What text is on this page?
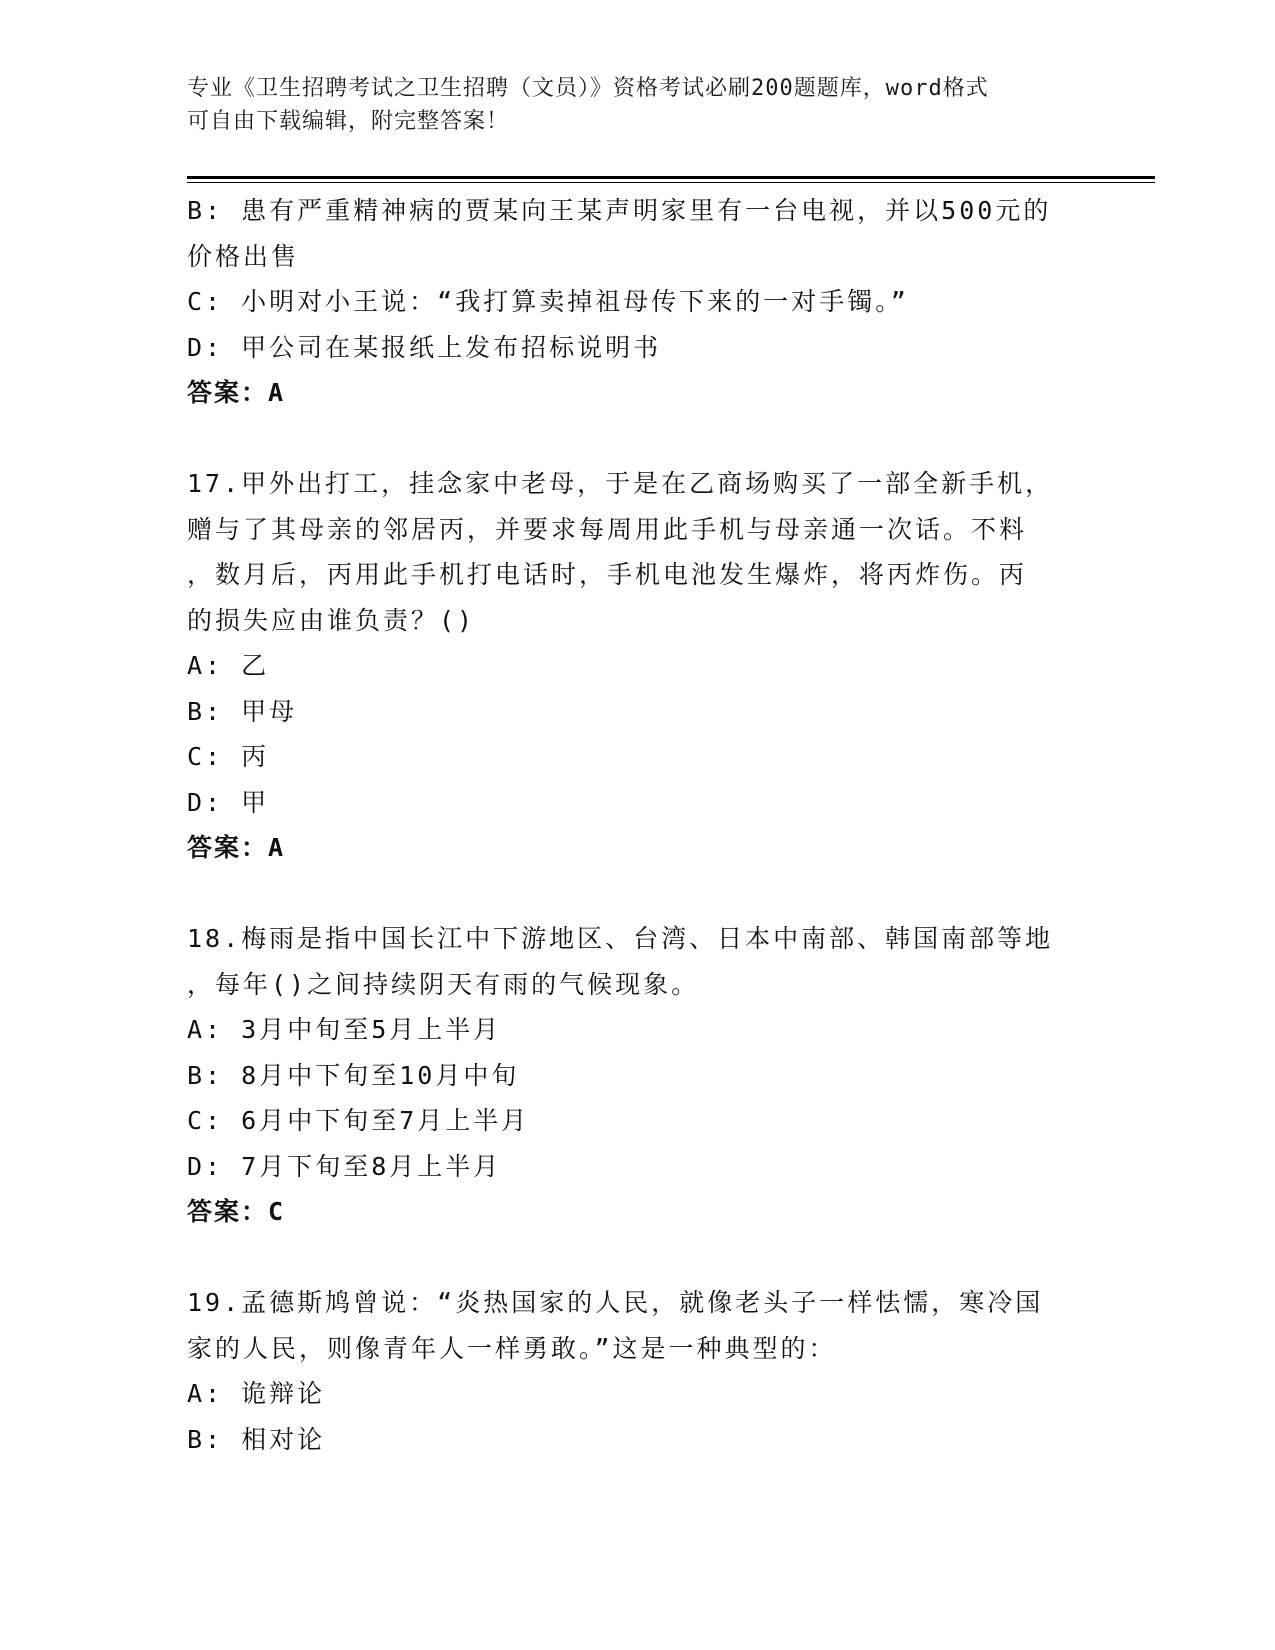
专业《卫生招聘考试之卫生招聘（文员）》资格考试必刷200题题库，word格式
可自由下载编辑，附完整答案！
B: 患有严重精神病的贾某向王某声明家里有一台电视，并以500元的
价格出售
C: 小明对小王说：“我打算卖掉祖母传下来的一对手镯。”
D: 甲公司在某报纸上发布招标说明书
答案：A
17.甲外出打工，挂念家中老母，于是在乙商场购买了一部全新手机，
赠与了其母亲的邻居丙，并要求每周用此手机与母亲通一次话。不料
，数月后，丙用此手机打电话时，手机电池发生爆炸，将丙炸伤。丙
的损失应由谁负责？()
A: 乙
B: 甲母
C: 丙
D: 甲
答案：A
18.梅雨是指中国长江中下游地区、台湾、日本中南部、韩国南部等地
，每年()之间持续阴天有雨的气候现象。
A: 3月中旬至5月上半月
B: 8月中下旬至10月中旬
C: 6月中下旬至7月上半月
D: 7月下旬至8月上半月
答案：C
19.孟德斯鸠曾说：“炎热国家的人民，就像老头子一样怯懦，寒冷国
家的人民，则像青年人一样勇敢。”这是一种典型的：
A: 诡辩论
B: 相对论
